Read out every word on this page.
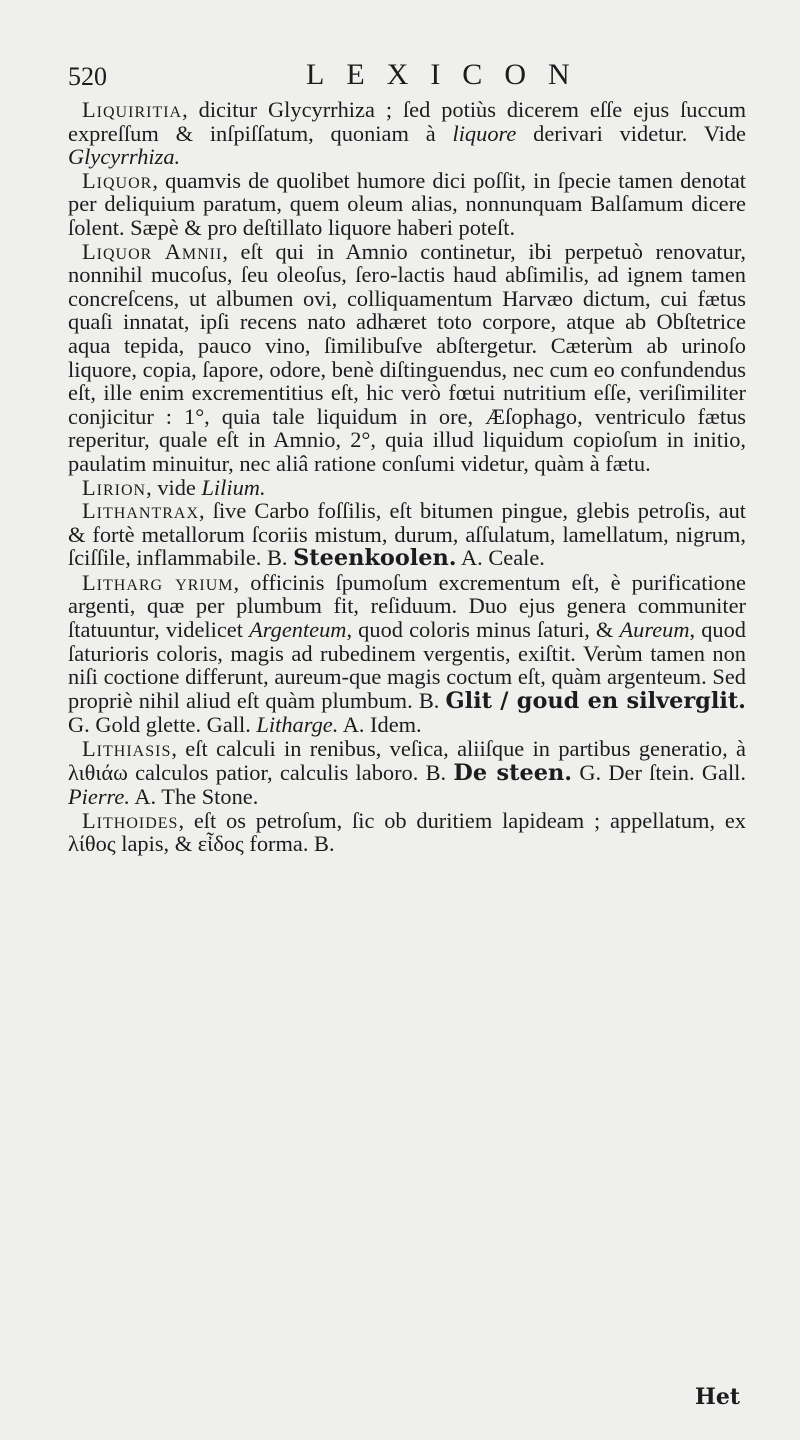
520	LEXICON

Liquiritia, dicitur Glycyrrhiza ; ſed potiùs dicerem eſſe ejus ſuccum expreſſum & inſpiſſatum, quoniam à liquore derivari videtur. Vide Glycyrrhiza.

Liquor, quamvis de quolibet humore dici poſſit, in ſpecie tamen denotat per deliquium paratum, quem oleum alias, nonnunquam Balſamum dicere ſolent. Sæpè & pro deſtillato liquore haberi poteſt.

Liquor Amnii, eſt qui in Amnio continetur, ibi perpetuò renovatur, nonnihil mucoſus, ſeu oleoſus, ſero-lactis haud abſimilis, ad ignem tamen concreſcens, ut albumen ovi, colliquamentum Harvæo dictum, cui fætus quaſi innatat, ipſi recens nato adhæret toto corpore, atque ab Obſtetrice aqua tepida, pauco vino, ſimilibuſve abſtergetur. Cæterùm ab urinoſo liquore, copia, ſapore, odore, benè diſtinguendus, nec cum eo confundendus eſt, ille enim excrementitius eſt, hic verò fœtui nutritium eſſe, veriſimiliter conjicitur : 1°, quia tale liquidum in ore, Æſophago, ventriculo fætus reperitur, quale eſt in Amnio, 2°, quia illud liquidum copioſum in initio, paulatim minuitur, nec aliâ ratione conſumi videtur, quàm à fætu.

Lirion, vide Lilium.

Lithantrax, ſive Carbo foſſilis, eſt bitumen pingue, glebis petroſis, aut & fortè metallorum ſcoriis mistum, durum, aſſulatum, lamellatum, nigrum, ſciſſile, inflammabile. B. Steenkoolen. A. Ceale.

Litharg yrium, officinis ſpumoſum excrementum eſt, è purificatione argenti, quæ per plumbum fit, reſiduum. Duo ejus genera communiter ſtatuuntur, videlicet Argenteum, quod coloris minus ſaturi, & Aureum, quod ſaturioris coloris, magis ad rubedinem vergentis, exiſtit. Verùm tamen non niſi coctione differunt, aureum-que magis coctum eſt, quàm argenteum. Sed propriè nihil aliud eſt quàm plumbum. B. Glit / goud en silverglit. G. Gold glette. Gall. Litharge. A. Idem.

Lithiasis, eſt calculi in renibus, veſica, aliiſque in partibus generatio, à λιθιάω calculos patior, calculis laboro. B. De steen. G. Der ſtein. Gall. Pierre. A. The Stone.

Lithoides, eſt os petroſum, ſic ob duritiem lapideam ; appellatum, ex λίθος lapis, & εἶδος forma. B.

Het
